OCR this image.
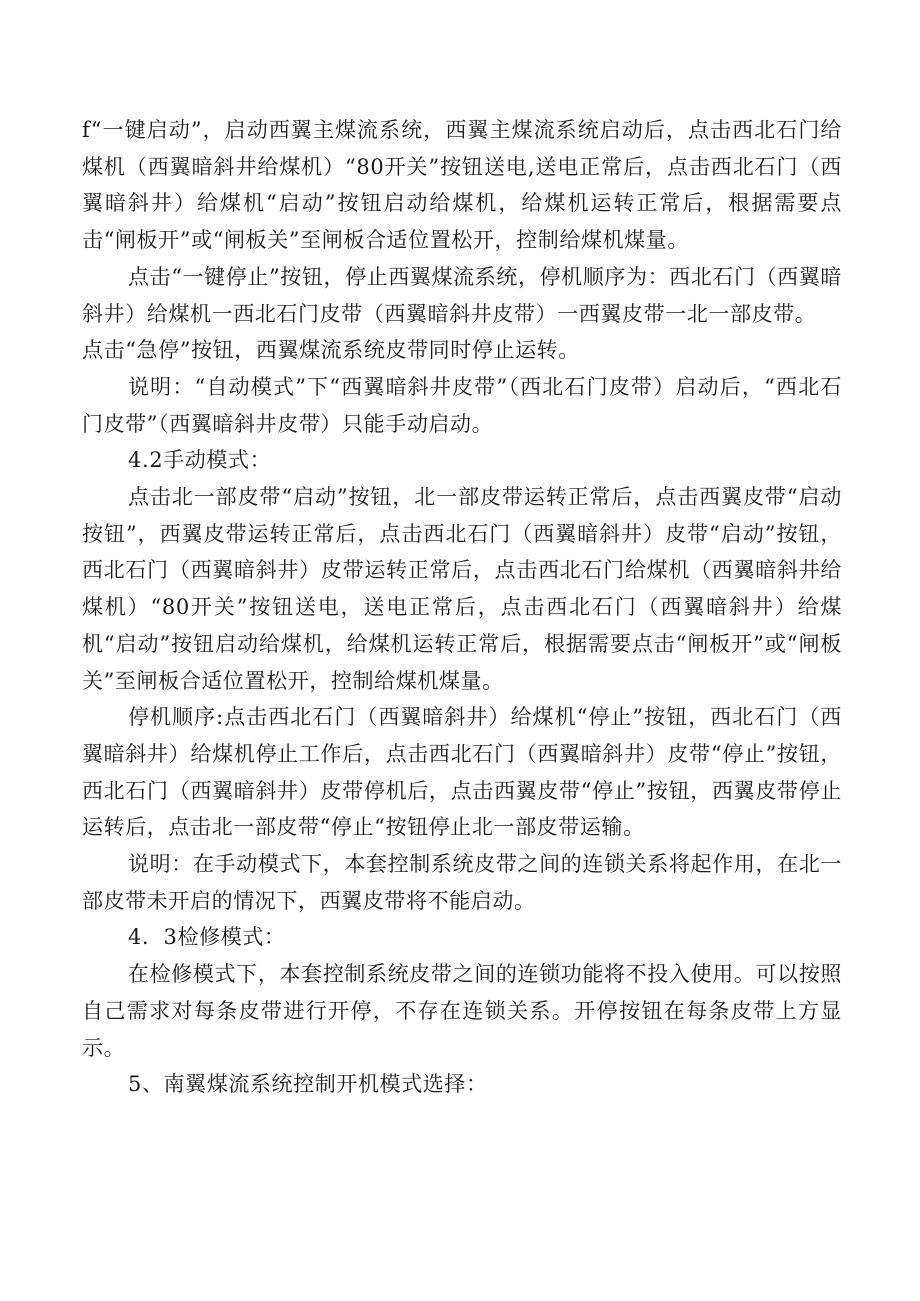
f“一键启动”，启动西翼主煤流系统，西翼主煤流系统启动后，点击西北石门给煤机（西翼暗斜井给煤机）“80开关”按钮送电,送电正常后，点击西北石门（西翼暗斜井）给煤机“启动”按钮启动给煤机，给煤机运转正常后，根据需要点击“闸板开”或“闸板关”至闸板合适位置松开，控制给煤机煤量。

点击“一键停止”按钮，停止西翼煤流系统，停机顺序为：西北石门（西翼暗斜井）给煤机一西北石门皮带（西翼暗斜井皮带）一西翼皮带一北一部皮带。

点击“急停”按钮，西翼煤流系统皮带同时停止运转。

说明：“自动模式”下“西翼暗斜井皮带”（西北石门皮带）启动后，“西北石门皮带”（西翼暗斜井皮带）只能手动启动。

4.2手动模式：

点击北一部皮带“启动”按钮，北一部皮带运转正常后，点击西翼皮带“启动按钮”，西翼皮带运转正常后，点击西北石门（西翼暗斜井）皮带“启动”按钮，西北石门（西翼暗斜井）皮带运转正常后，点击西北石门给煤机（西翼暗斜井给煤机）“80开关”按钮送电，送电正常后，点击西北石门（西翼暗斜井）给煤机“启动”按钮启动给煤机，给煤机运转正常后，根据需要点击“闸板开”或“闸板关”至闸板合适位置松开，控制给煤机煤量。

停机顺序:点击西北石门（西翼暗斜井）给煤机“停止”按钮，西北石门（西翼暗斜井）给煤机停止工作后，点击西北石门（西翼暗斜井）皮带“停止”按钮，西北石门（西翼暗斜井）皮带停机后，点击西翼皮带“停止”按钮，西翼皮带停止运转后，点击北一部皮带“停止“按钮停止北一部皮带运输。

说明：在手动模式下，本套控制系统皮带之间的连锁关系将起作用，在北一部皮带未开启的情况下，西翼皮带将不能启动。

4．3检修模式：

在检修模式下，本套控制系统皮带之间的连锁功能将不投入使用。可以按照自己需求对每条皮带进行开停，不存在连锁关系。开停按钮在每条皮带上方显示。

5、南翼煤流系统控制开机模式选择：
